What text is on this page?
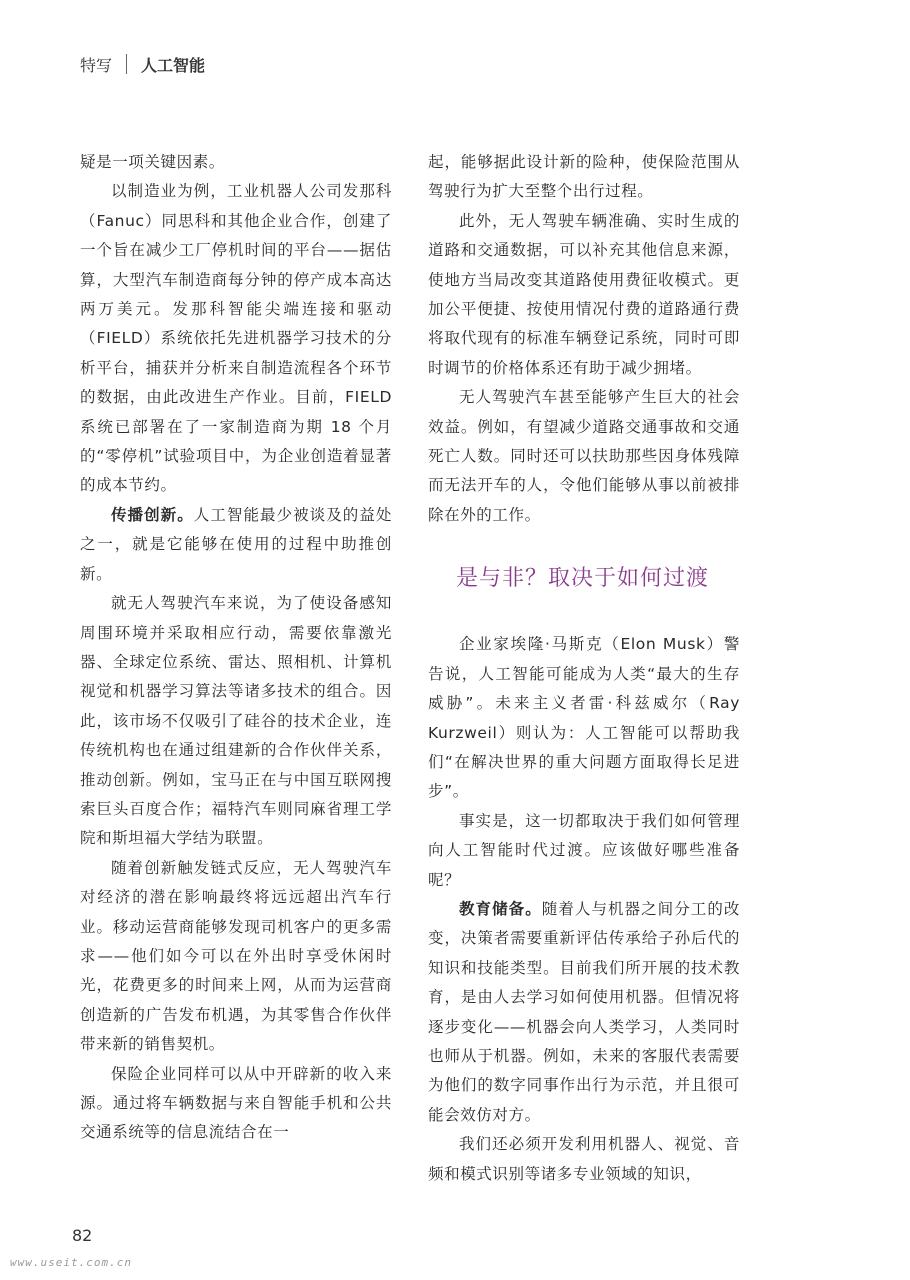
特写 人工智能

疑是一项关键因素。

以制造业为例，工业机器人公司发那科（Fanuc）同思科和其他企业合作，创建了一个旨在减少工厂停机时间的平台——据估算，大型汽车制造商每分钟的停产成本高达两万美元。发那科智能尖端连接和驱动（FIELD）系统依托先进机器学习技术的分析平台，捕获并分析来自制造流程各个环节的数据，由此改进生产作业。目前，FIELD 系统已部署在了一家制造商为期 18 个月的“零停机”试验项目中，为企业创造着显著的成本节约。

传播创新。人工智能最少被谈及的益处之一，就是它能够在使用的过程中助推创新。

就无人驾驶汽车来说，为了使设备感知周围环境并采取相应行动，需要依靠激光器、全球定位系统、雷达、照相机、计算机视觉和机器学习算法等诸多技术的组合。因此，该市场不仅吸引了硅谷的技术企业，连传统机构也在通过组建新的合作伙伴关系，推动创新。例如，宝马正在与中国互联网搜索巨头百度合作；福特汽车则同麻省理工学院和斯坦福大学结为联盟。

随着创新触发链式反应，无人驾驶汽车对经济的潜在影响最终将远远超出汽车行业。移动运营商能够发现司机客户的更多需求——他们如今可以在外出时享受休闲时光，花费更多的时间来上网，从而为运营商创造新的广告发布机遇，为其零售合作伙伴带来新的销售契机。

保险企业同样可以从中开辟新的收入来源。通过将车辆数据与来自智能手机和公共交通系统等的信息流结合在一

起，能够据此设计新的险种，使保险范围从驾驶行为扩大至整个出行过程。

此外，无人驾驶车辆准确、实时生成的道路和交通数据，可以补充其他信息来源，使地方当局改变其道路使用费征收模式。更加公平便捷、按使用情况付费的道路通行费将取代现有的标准车辆登记系统，同时可即时调节的价格体系还有助于减少拥堵。

无人驾驶汽车甚至能够产生巨大的社会效益。例如，有望减少道路交通事故和交通死亡人数。同时还可以扶助那些因身体残障而无法开车的人，令他们能够从事以前被排除在外的工作。

是与非？取决于如何过渡

企业家埃隆·马斯克（Elon Musk）警告说，人工智能可能成为人类“最大的生存威胁”。未来主义者雷·科兹威尔（Ray Kurzweil）则认为：人工智能可以帮助我们“在解决世界的重大问题方面取得长足进步”。

事实是，这一切都取决于我们如何管理向人工智能时代过渡。应该做好哪些准备呢？

教育储备。随着人与机器之间分工的改变，决策者需要重新评估传承给子孙后代的知识和技能类型。目前我们所开展的技术教育，是由人去学习如何使用机器。但情况将逐步变化——机器会向人类学习，人类同时也师从于机器。例如，未来的客服代表需要为他们的数字同事作出行为示范，并且很可能会效仿对方。

我们还必须开发利用机器人、视觉、音频和模式识别等诸多专业领域的知识，

82
www.useit.com.cn
